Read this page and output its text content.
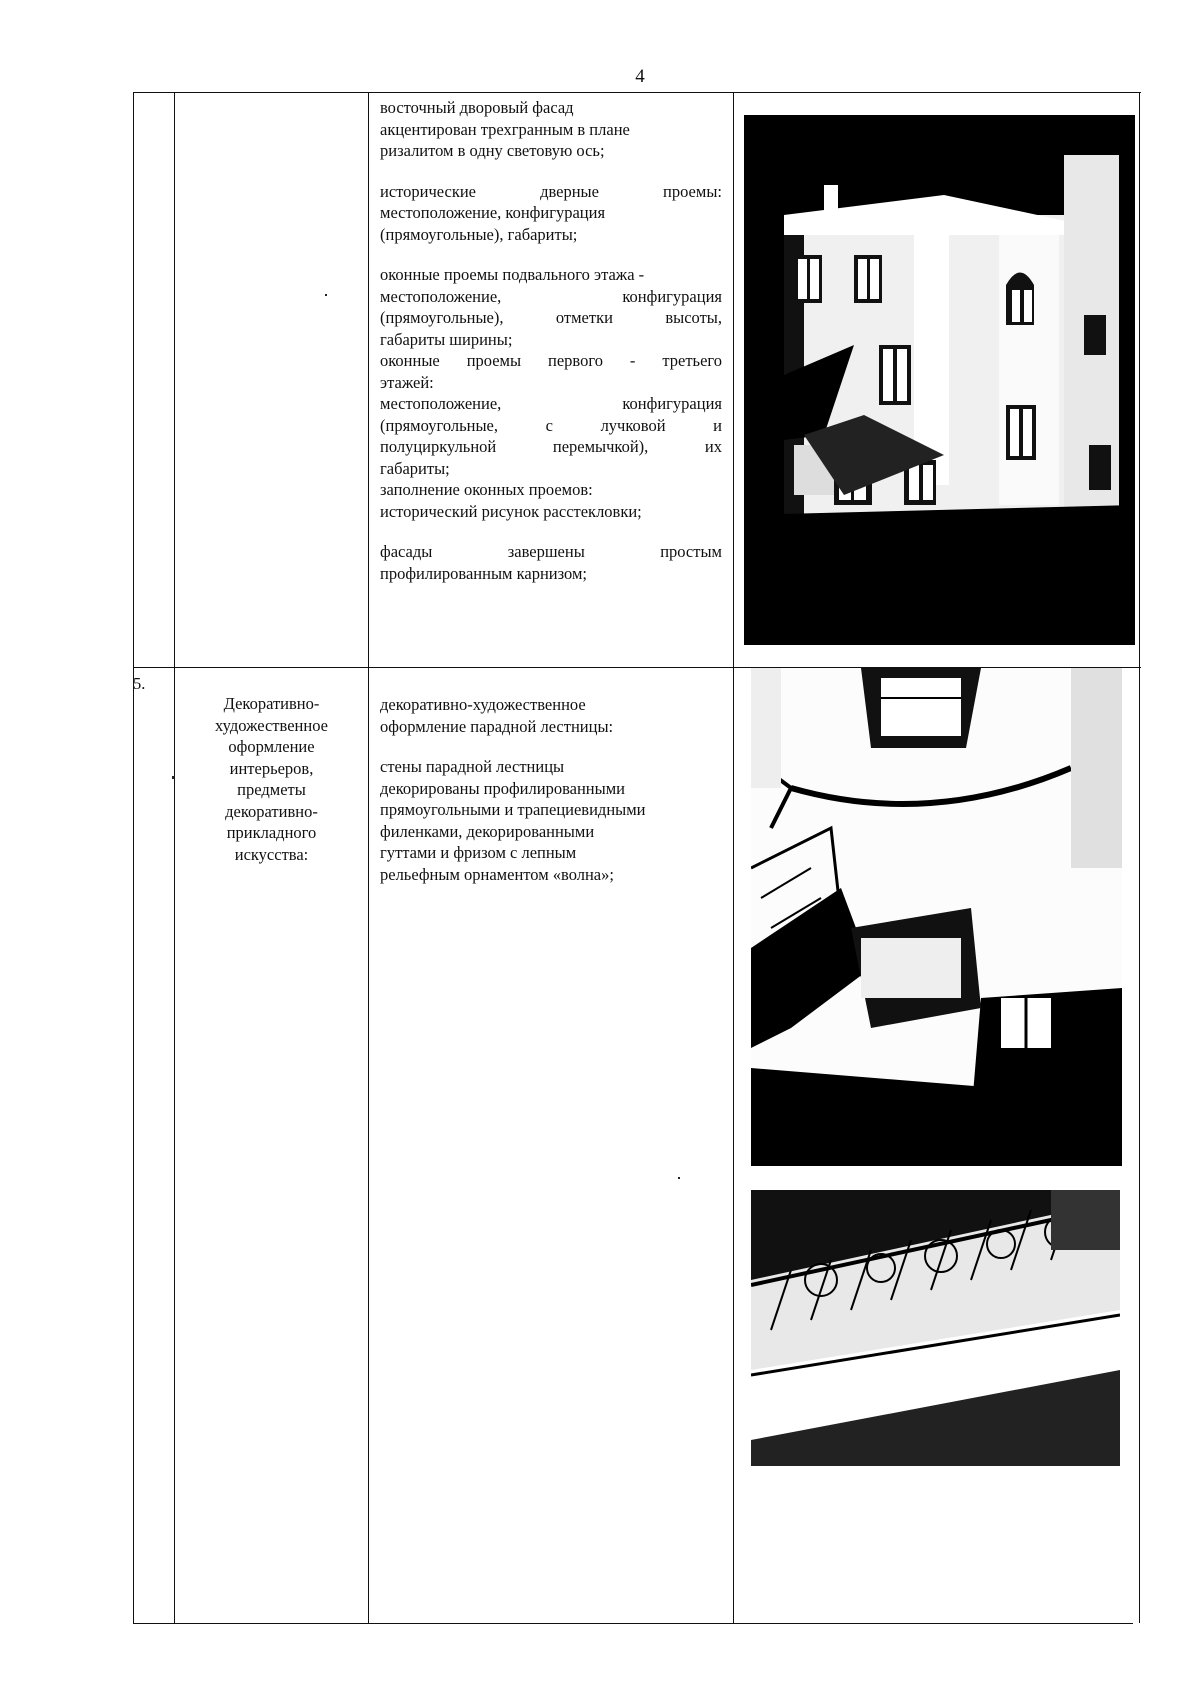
4

восточный дворовый фасад

акцентирован трехгранным в плане

ризалитом в одну световую ось;

исторические дверные проемы:

местоположение, конфигурация

(прямоугольные), габариты;

оконные проемы подвального этажа -

местоположение, конфигурация

(прямоугольные), отметки высоты,

габариты ширины;

оконные проемы первого - третьего

этажей:

местоположение, конфигурация

(прямоугольные, с лучковой и

полуциркульной перемычкой), их

габариты;

заполнение оконных проемов:

исторический рисунок расстекловки;

фасады завершены простым

профилированным карнизом;

5.

Декоративно-

художественное

оформление

интерьеров,

предметы

декоративно-

прикладного

искусства:

декоративно-художественное

оформление парадной лестницы:

стены парадной лестницы

декорированы профилированными

прямоугольными и трапециевидными

филенками, декорированными

гуттами и фризом с лепным

рельефным орнаментом «волна»;
